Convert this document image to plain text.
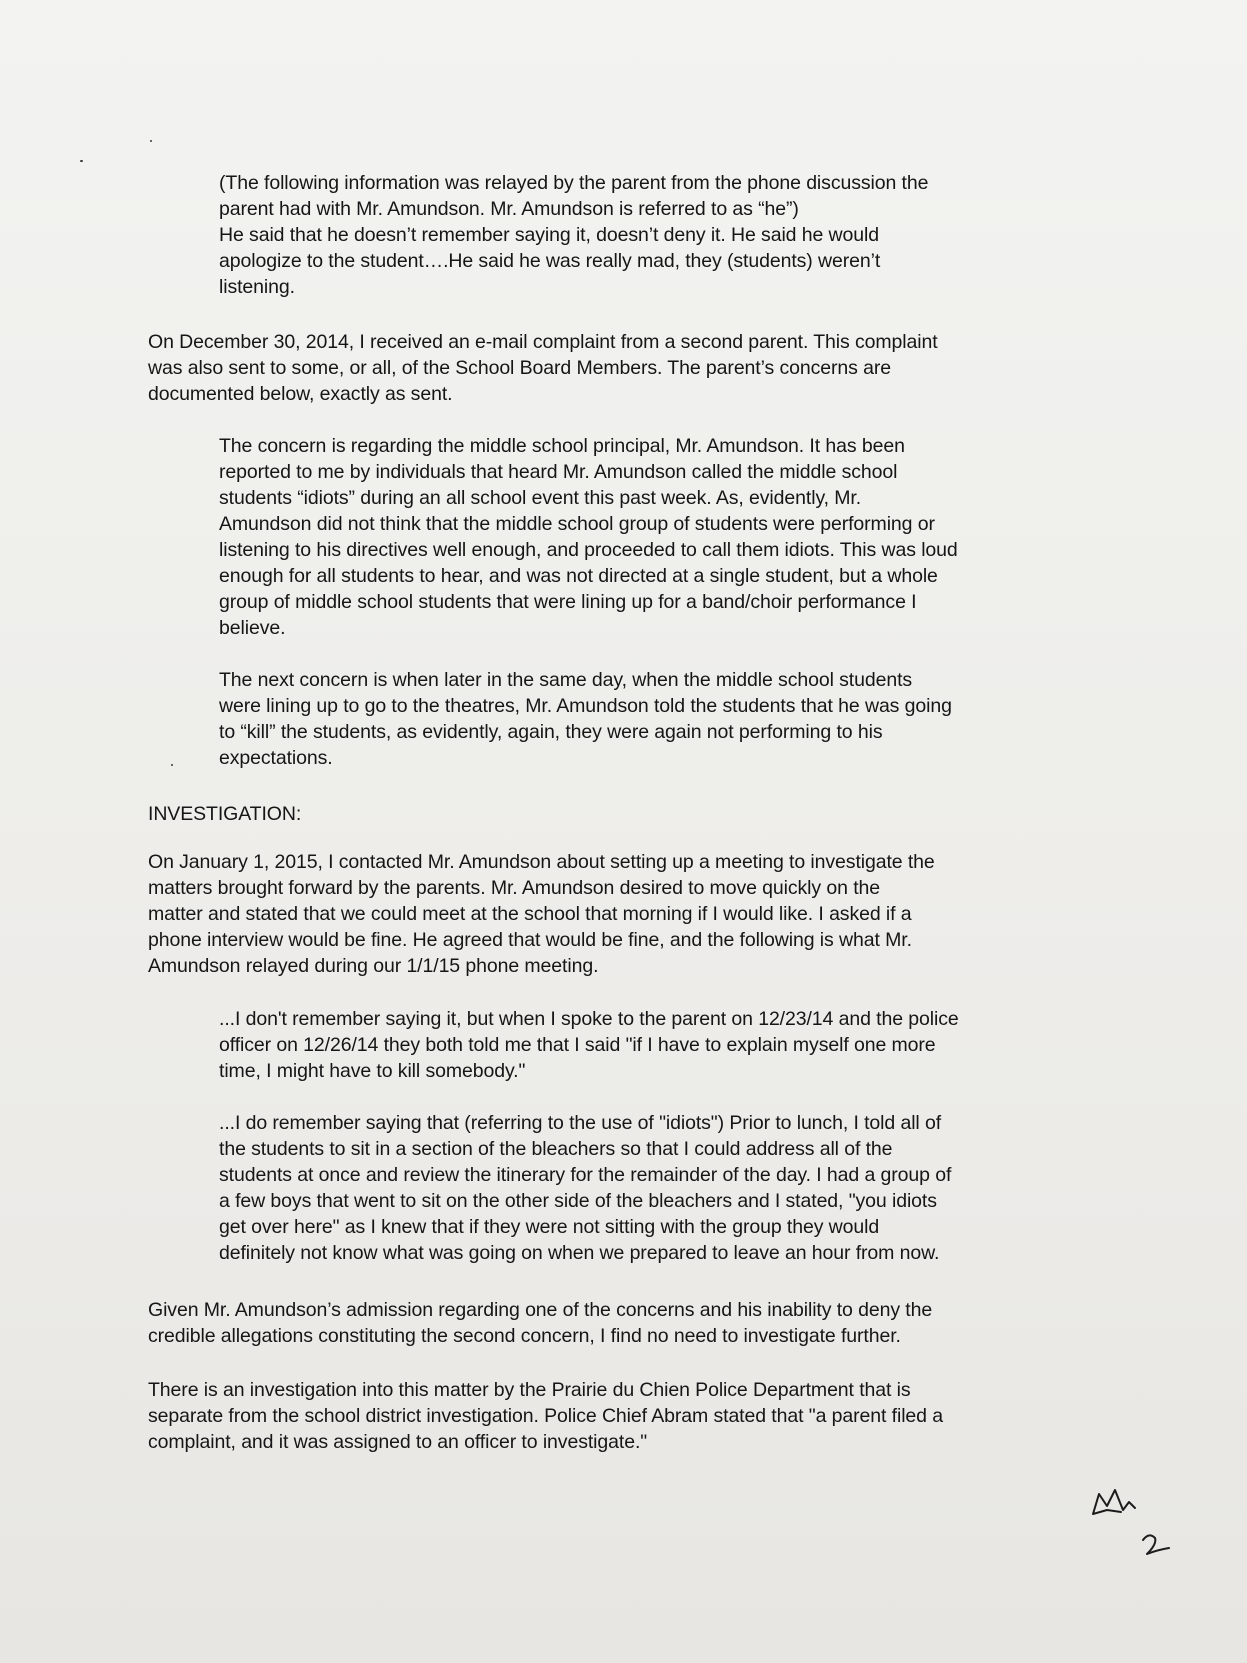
(The following information was relayed by the parent from the phone discussion the
parent had with Mr. Amundson. Mr. Amundson is referred to as “he”)
He said that he doesn’t remember saying it, doesn’t deny it. He said he would
apologize to the student….He said he was really mad, they (students) weren’t
listening.

On December 30, 2014, I received an e-mail complaint from a second parent. This complaint
was also sent to some, or all, of the School Board Members. The parent’s concerns are
documented below, exactly as sent.

The concern is regarding the middle school principal, Mr. Amundson. It has been
reported to me by individuals that heard Mr. Amundson called the middle school
students “idiots” during an all school event this past week. As, evidently, Mr.
Amundson did not think that the middle school group of students were performing or
listening to his directives well enough, and proceeded to call them idiots. This was loud
enough for all students to hear, and was not directed at a single student, but a whole
group of middle school students that were lining up for a band/choir performance I
believe.

The next concern is when later in the same day, when the middle school students
were lining up to go to the theatres, Mr. Amundson told the students that he was going
to “kill” the students, as evidently, again, they were again not performing to his
expectations.

INVESTIGATION:

On January 1, 2015, I contacted Mr. Amundson about setting up a meeting to investigate the
matters brought forward by the parents. Mr. Amundson desired to move quickly on the
matter and stated that we could meet at the school that morning if I would like. I asked if a
phone interview would be fine. He agreed that would be fine, and the following is what Mr.
Amundson relayed during our 1/1/15 phone meeting.

...I don't remember saying it, but when I spoke to the parent on 12/23/14 and the police
officer on 12/26/14 they both told me that I said "if I have to explain myself one more
time, I might have to kill somebody."

...I do remember saying that (referring to the use of "idiots") Prior to lunch, I told all of
the students to sit in a section of the bleachers so that I could address all of the
students at once and review the itinerary for the remainder of the day. I had a group of
a few boys that went to sit on the other side of the bleachers and I stated, "you idiots
get over here" as I knew that if they were not sitting with the group they would
definitely not know what was going on when we prepared to leave an hour from now.

Given Mr. Amundson’s admission regarding one of the concerns and his inability to deny the
credible allegations constituting the second concern, I find no need to investigate further.

There is an investigation into this matter by the Prairie du Chien Police Department that is
separate from the school district investigation. Police Chief Abram stated that "a parent filed a
complaint, and it was assigned to an officer to investigate."
